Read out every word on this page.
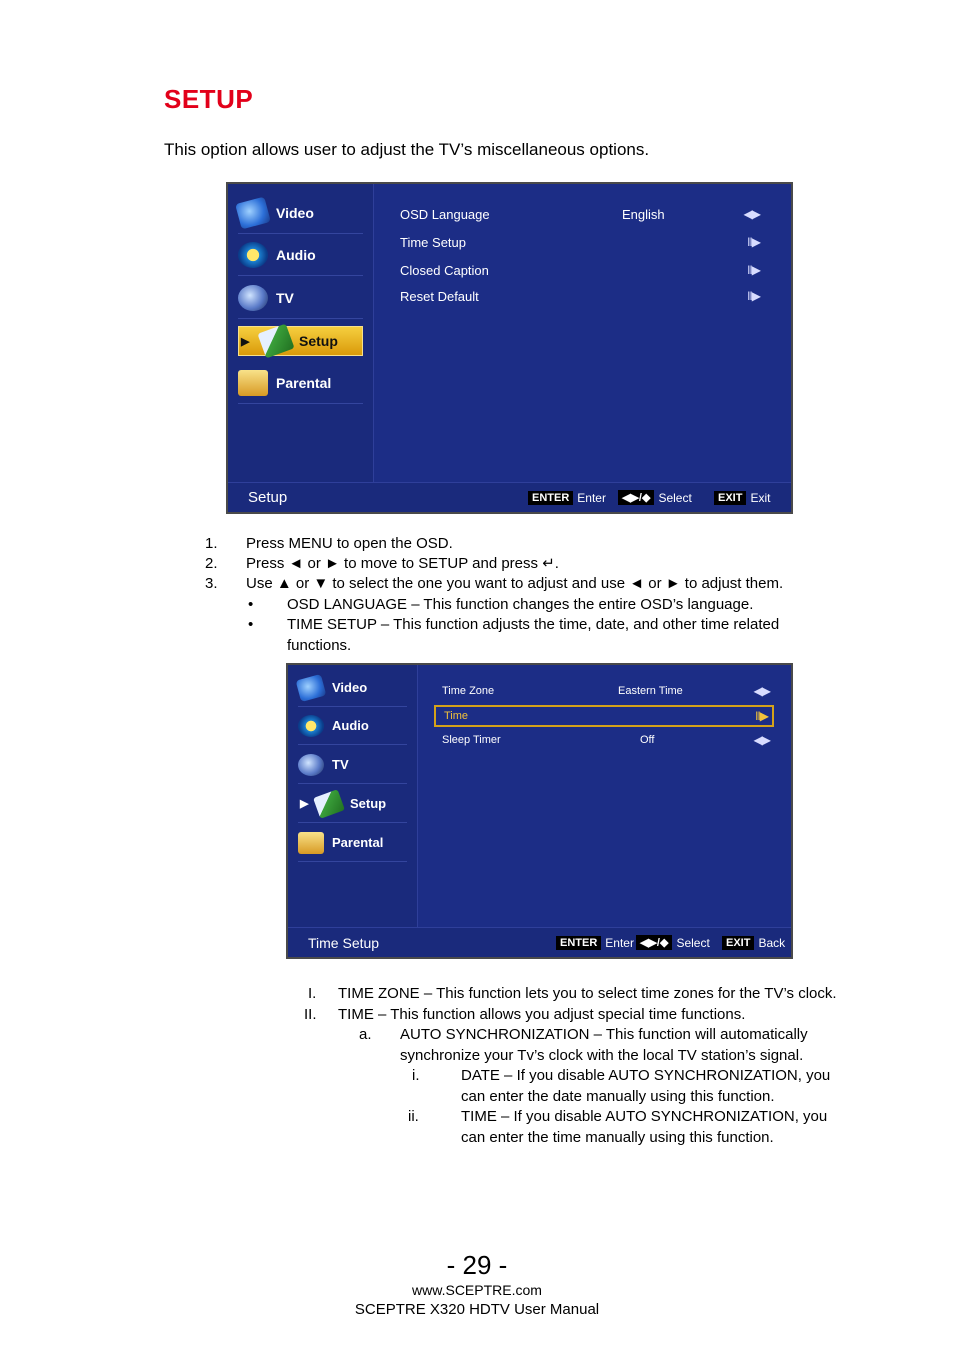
SETUP
This option allows user to adjust the TV’s miscellaneous options.
Video
Audio
TV
▶	Setup
Parental
OSD Language	English	◀▶
Time Setup	II▶
Closed Caption	II▶
Reset Default	II▶
Setup	ENTER Enter	◀▶/◆ Select	EXIT Exit
1. Press MENU to open the OSD.
2. Press ◄ or ► to move to SETUP and press ↵.
3. Use ▲ or ▼ to select the one you want to adjust and use ◄ or ► to adjust them.
• OSD LANGUAGE – This function changes the entire OSD’s language.
• TIME SETUP – This function adjusts the time, date, and other time related
functions.
Video
Audio
TV
▶	Setup
Parental
Time Zone	Eastern Time	◀▶
Time	II▶
Sleep Timer	Off	◀▶
Time Setup	ENTER Enter ◀▶/◆ Select	EXIT Back
I. TIME ZONE – This function lets you to select time zones for the TV’s clock.
II. TIME – This function allows you adjust special time functions.
a. AUTO SYNCHRONIZATION – This function will automatically
synchronize your Tv’s clock with the local TV station’s signal.
i.	DATE – If you disable AUTO SYNCHRONIZATION, you
can enter the date manually using this function.
ii.	TIME – If you disable AUTO SYNCHRONIZATION, you
can enter the time manually using this function.
- 29 -
www.SCEPTRE.com
SCEPTRE X320 HDTV User Manual
